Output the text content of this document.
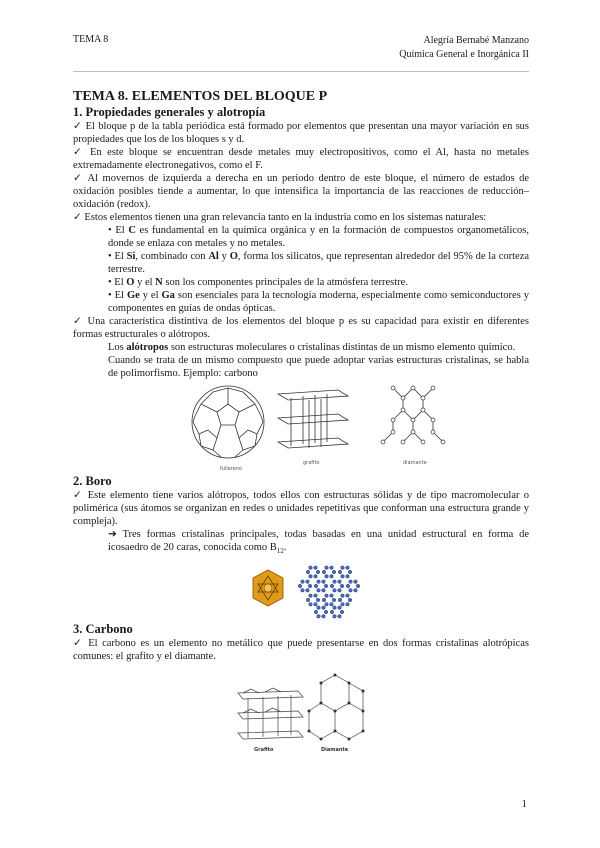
TEMA 8	Alegría Bernabé Manzano
Química General e Inorgánica II

TEMA 8. ELEMENTOS DEL BLOQUE P

1. Propiedades generales y alotropía

✓ El bloque p de la tabla periódica está formado por elementos que presentan una mayor variación en sus propiedades que los de los bloques s y d.

✓ En este bloque se encuentran desde metales muy electropositivos, como el Al, hasta no metales extremadamente electronegativos, como el F.

✓ Al movernos de izquierda a derecha en un periodo dentro de este bloque, el número de estados de oxidación posibles tiende a aumentar, lo que intensifica la importancia de las reacciones de reducción–oxidación (redox).

✓ Estos elementos tienen una gran relevancia tanto en la industria como en los sistemas naturales:

• El C es fundamental en la química orgánica y en la formación de compuestos organometálicos, donde se enlaza con metales y no metales.

• El Si, combinado con Al y O, forma los silicatos, que representan alrededor del 95% de la corteza terrestre.

• El O y el N son los componentes principales de la atmósfera terrestre.

• El Ge y el Ga son esenciales para la tecnología moderna, especialmente como semiconductores y componentes en guías de ondas ópticas.

✓ Una característica distintiva de los elementos del bloque p es su capacidad para existir en diferentes formas estructurales o alótropos.

Los alótropos son estructuras moleculares o cristalinas distintas de un mismo elemento químico.

Cuando se trata de un mismo compuesto que puede adoptar varias estructuras cristalinas, se habla de polimorfismo. Ejemplo: carbono

fullereno
grafito	diamante

2. Boro

✓ Este elemento tiene varios alótropos, todos ellos con estructuras sólidas y de tipo macromolecular o polimérica (sus átomos se organizan en redes o unidades repetitivas que conforman una estructura grande y compleja).

➔ Tres formas cristalinas principales, todas basadas en una unidad estructural en forma de icosaedro de 20 caras, conocida como $B_{12}$.

3. Carbono

✓ El carbono es un elemento no metálico que puede presentarse en dos formas cristalinas alotrópicas comunes: el grafito y el diamante.

Grafito	Diamante
1
